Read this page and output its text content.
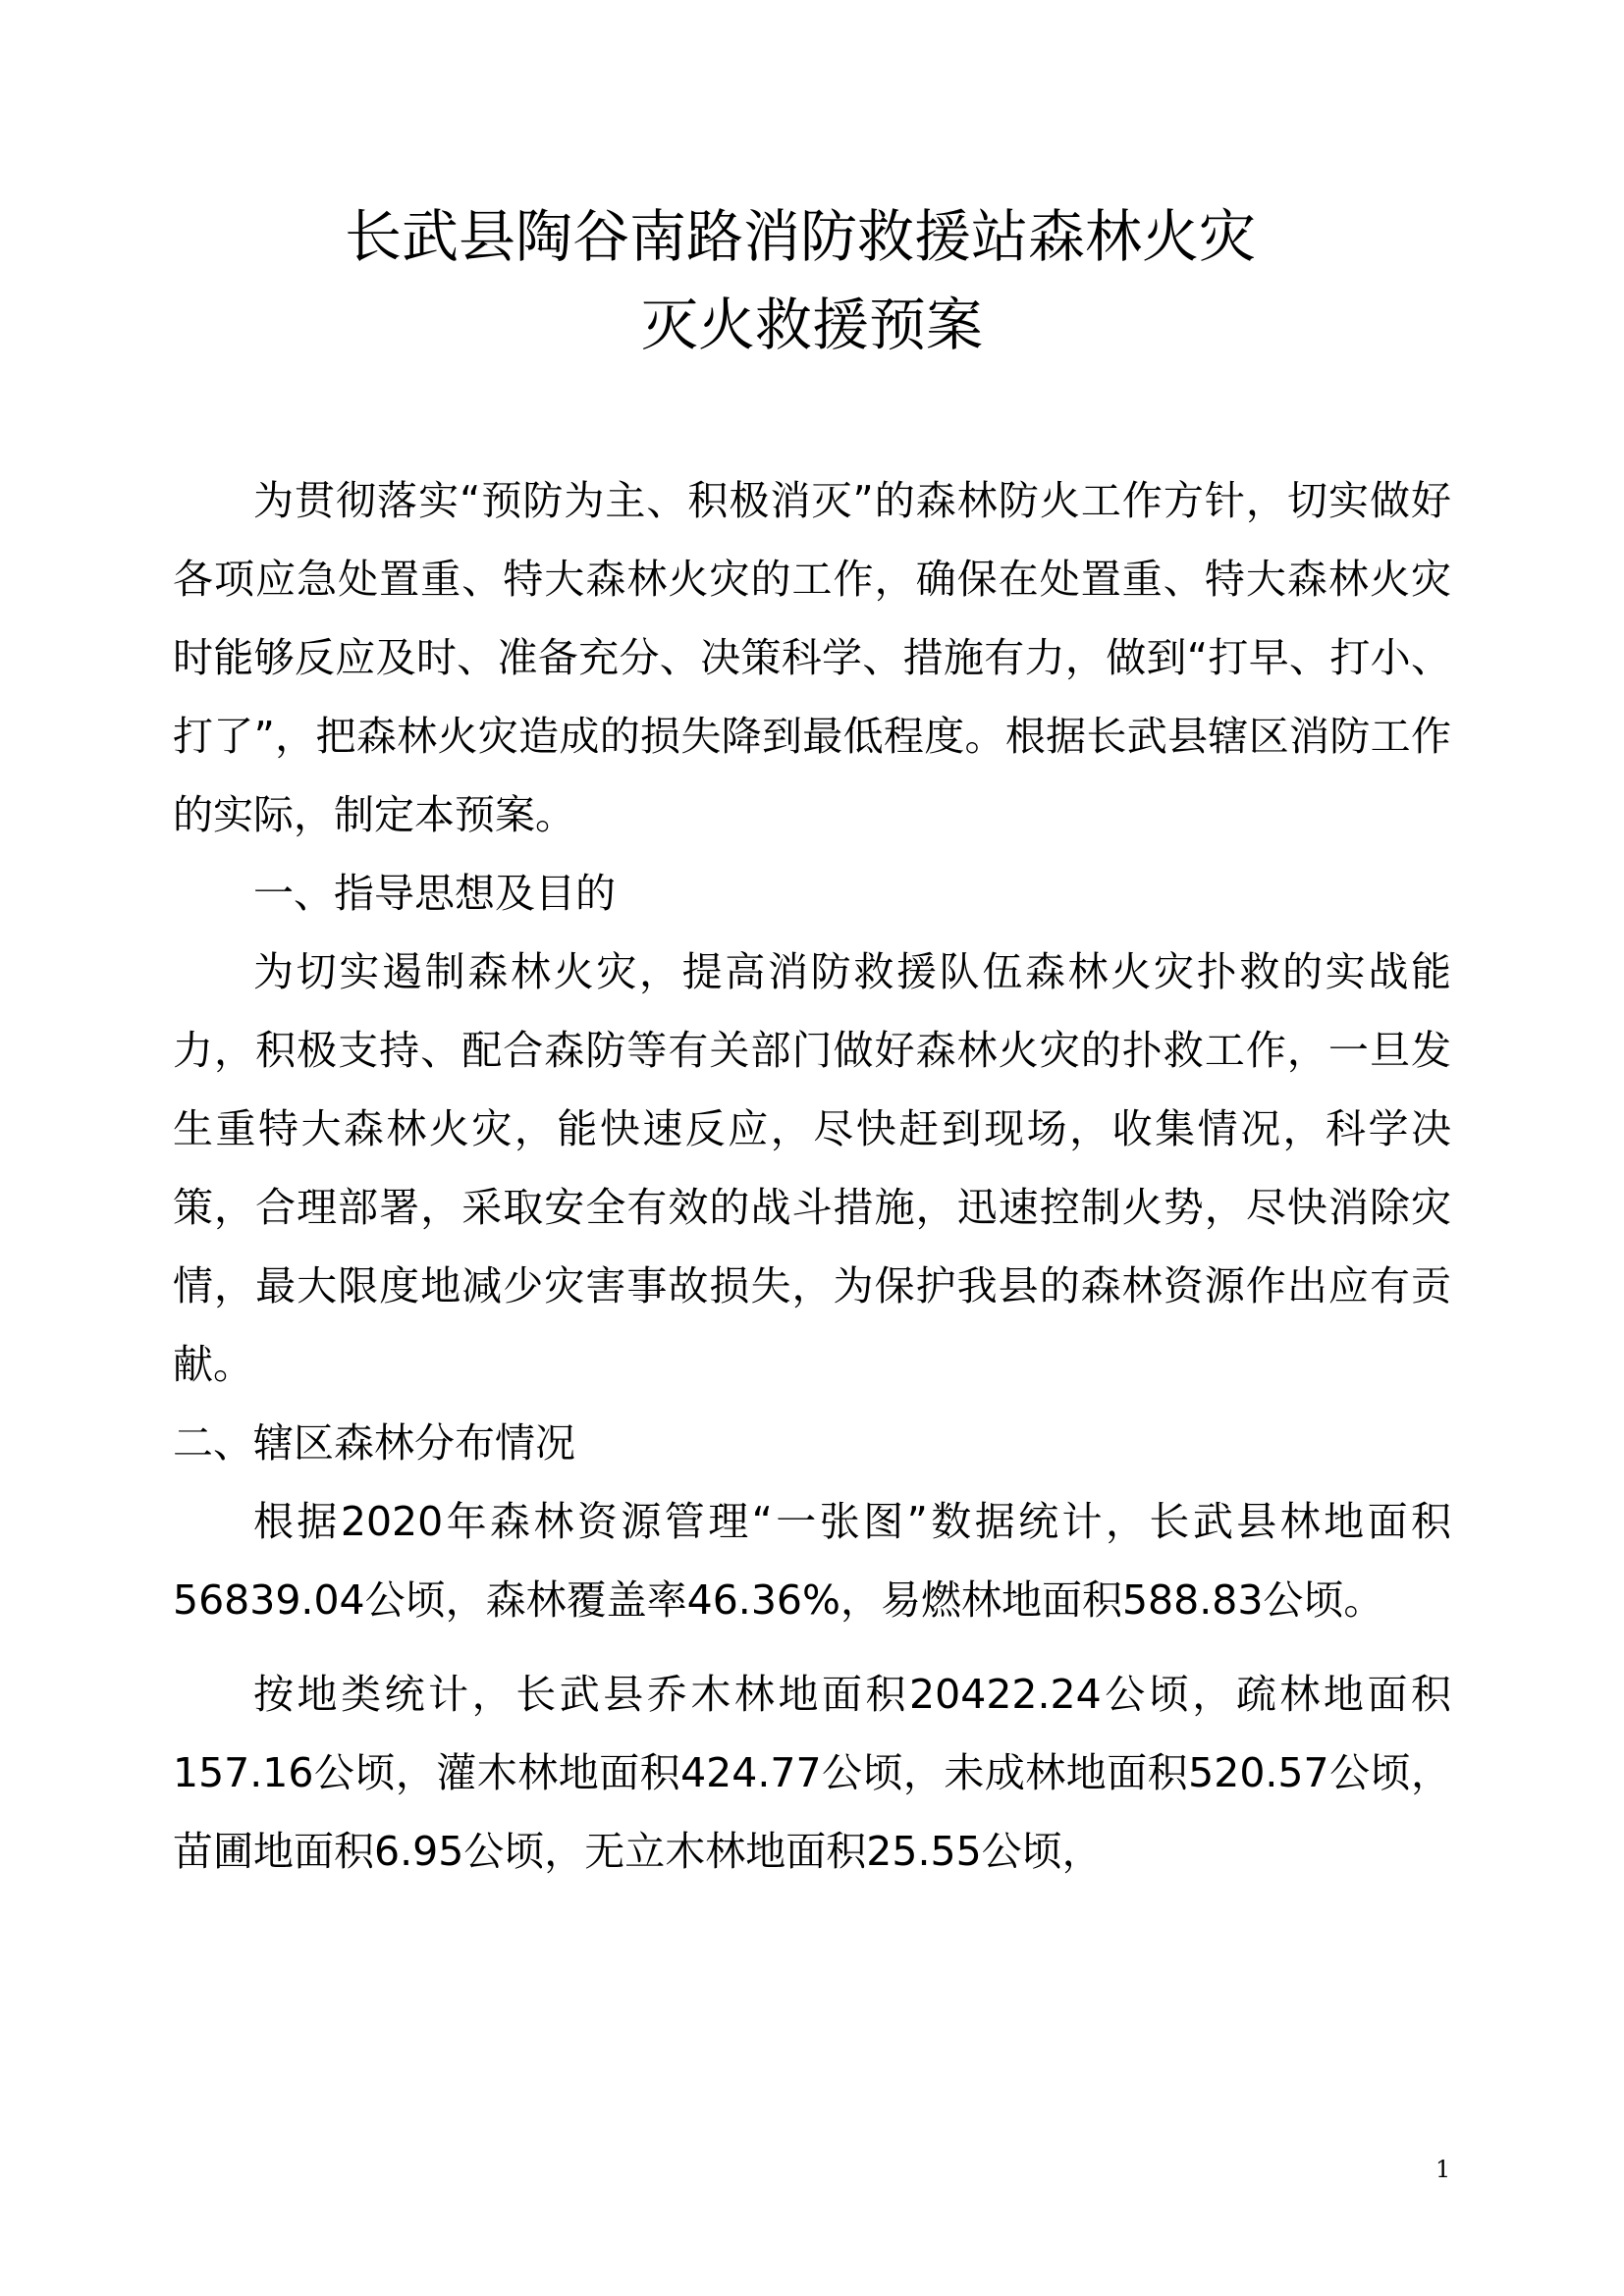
长武县陶谷南路消防救援站森林火灾
灭火救援预案

为贯彻落实“预防为主、积极消灭”的森林防火工作方针，切实做好各项应急处置重、特大森林火灾的工作，确保在处置重、特大森林火灾时能够反应及时、准备充分、决策科学、措施有力，做到“打早、打小、打了”，把森林火灾造成的损失降到最低程度。根据长武县辖区消防工作的实际，制定本预案。

一、指导思想及目的

为切实遏制森林火灾，提高消防救援队伍森林火灾扑救的实战能力，积极支持、配合森防等有关部门做好森林火灾的扑救工作，一旦发生重特大森林火灾，能快速反应，尽快赶到现场，收集情况，科学决策，合理部署，采取安全有效的战斗措施，迅速控制火势，尽快消除灾情，最大限度地减少灾害事故损失，为保护我县的森林资源作出应有贡献。

二、辖区森林分布情况

根据2020年森林资源管理“一张图”数据统计，长武县林地面积56839.04公顷，森林覆盖率46.36%，易燃林地面积588.83公顷。

按地类统计，长武县乔木林地面积20422.24公顷，疏林地面积157.16公顷，灌木林地面积424.77公顷，未成林地面积520.57公顷，苗圃地面积6.95公顷，无立木林地面积25.55公顷，

1
